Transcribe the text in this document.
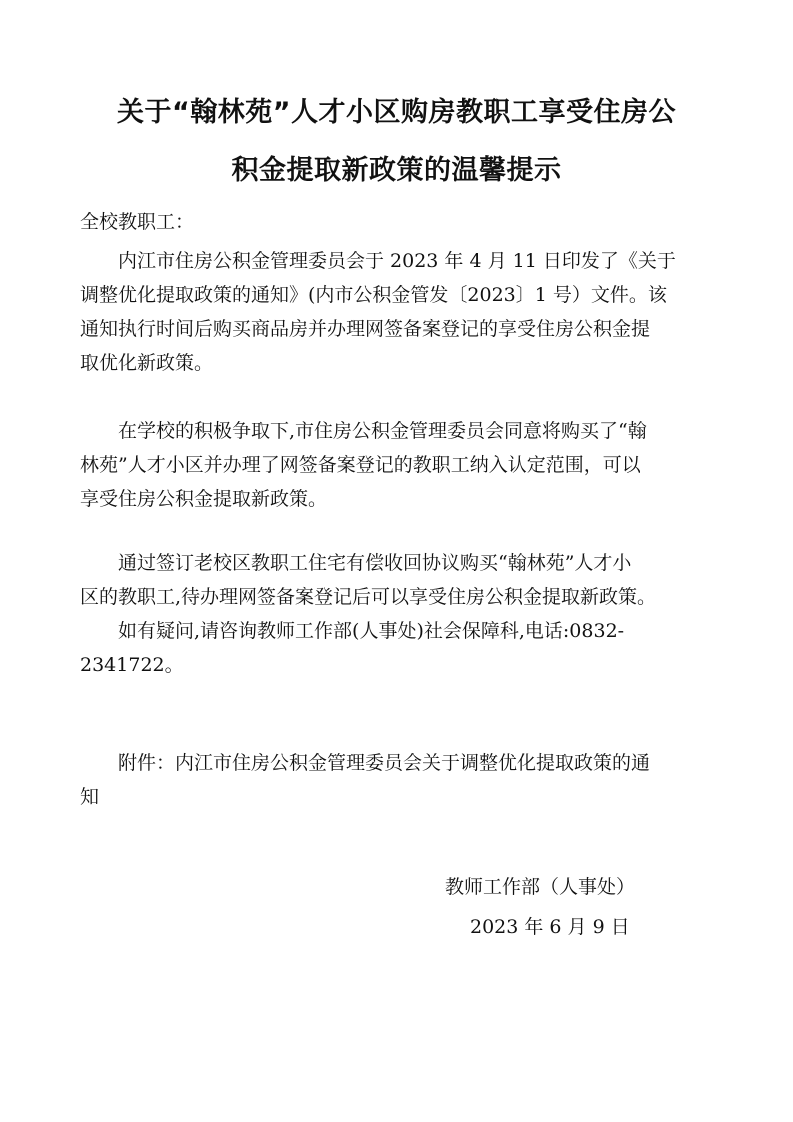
关于“翰林苑”人才小区购房教职工享受住房公
积金提取新政策的温馨提示

全校教职工：

　　内江市住房公积金管理委员会于 2023 年 4 月 11 日印发了《关于
调整优化提取政策的通知》(内市公积金管发〔2023〕1 号）文件。该
通知执行时间后购买商品房并办理网签备案登记的享受住房公积金提
取优化新政策。
　　在学校的积极争取下,市住房公积金管理委员会同意将购买了“翰
林苑”人才小区并办理了网签备案登记的教职工纳入认定范围，可以
享受住房公积金提取新政策。
　　通过签订老校区教职工住宅有偿收回协议购买“翰林苑”人才小
区的教职工,待办理网签备案登记后可以享受住房公积金提取新政策。
　　如有疑问,请咨询教师工作部(人事处)社会保障科,电话:0832-
2341722。
　　附件：内江市住房公积金管理委员会关于调整优化提取政策的通
知

教师工作部（人事处）

2023 年 6 月 9 日
